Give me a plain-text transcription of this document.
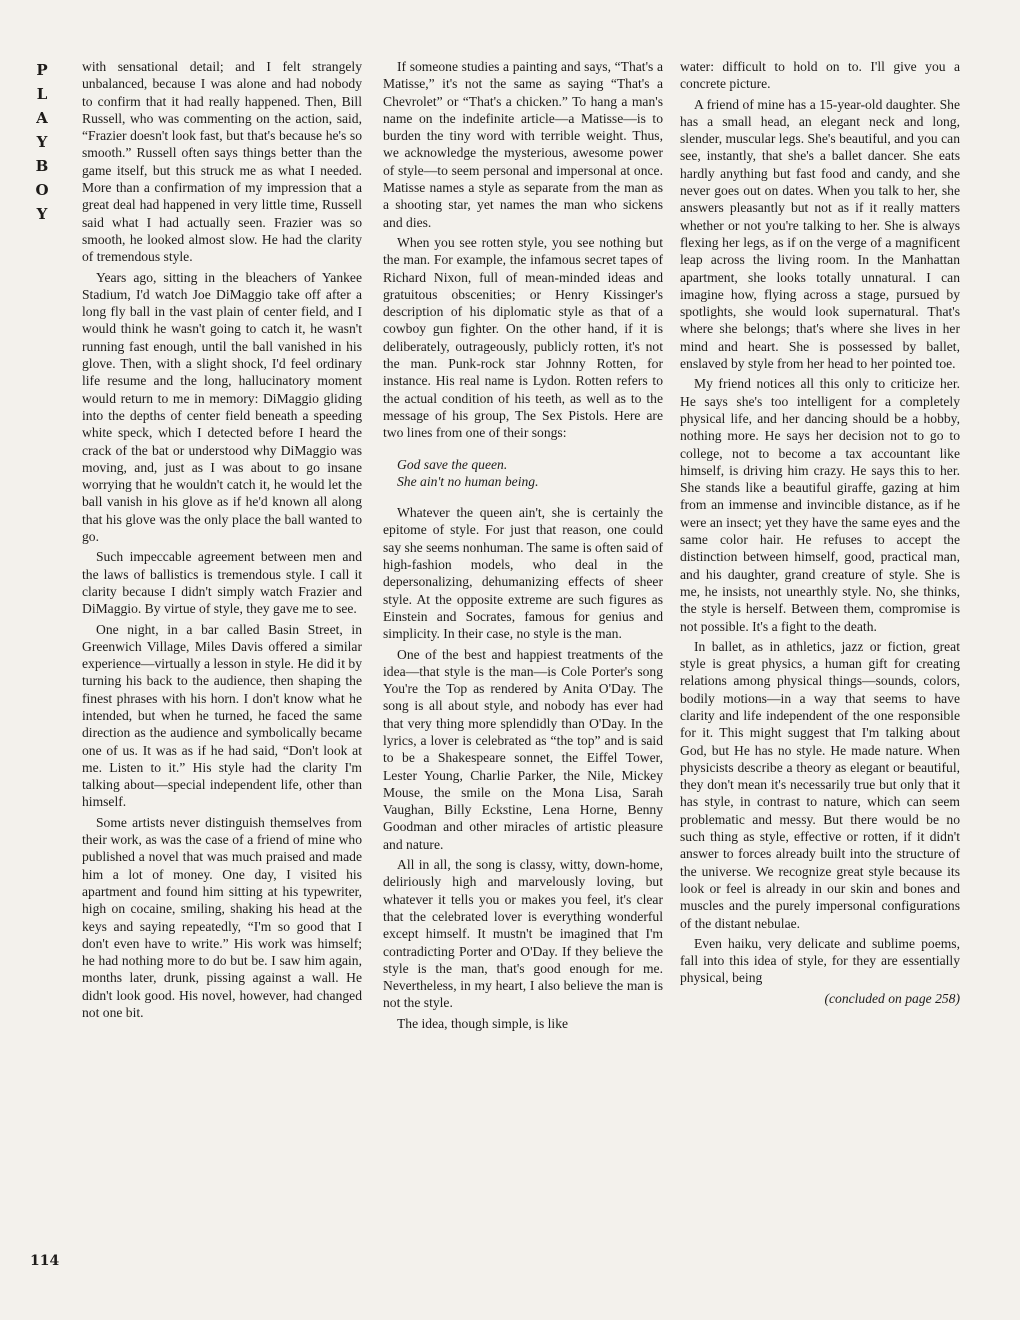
P
L
A
Y
B
O
Y
114

with sensational detail; and I felt strangely unbalanced, because I was alone and had nobody to confirm that it had really happened. Then, Bill Russell, who was commenting on the action, said, “Frazier doesn't look fast, but that's because he's so smooth.” Russell often says things better than the game itself, but this struck me as what I needed. More than a confirmation of my impression that a great deal had happened in very little time, Russell said what I had actually seen. Frazier was so smooth, he looked almost slow. He had the clarity of tremendous style.

Years ago, sitting in the bleachers of Yankee Stadium, I'd watch Joe DiMaggio take off after a long fly ball in the vast plain of center field, and I would think he wasn't going to catch it, he wasn't running fast enough, until the ball vanished in his glove. Then, with a slight shock, I'd feel ordinary life resume and the long, hallucinatory moment would return to me in memory: DiMaggio gliding into the depths of center field beneath a speeding white speck, which I detected before I heard the crack of the bat or understood why DiMaggio was moving, and, just as I was about to go insane worrying that he wouldn't catch it, he would let the ball vanish in his glove as if he'd known all along that his glove was the only place the ball wanted to go.

Such impeccable agreement between men and the laws of ballistics is tremendous style. I call it clarity because I didn't simply watch Frazier and DiMaggio. By virtue of style, they gave me to see.

One night, in a bar called Basin Street, in Greenwich Village, Miles Davis offered a similar experience—virtually a lesson in style. He did it by turning his back to the audience, then shaping the finest phrases with his horn. I don't know what he intended, but when he turned, he faced the same direction as the audience and symbolically became one of us. It was as if he had said, “Don't look at me. Listen to it.” His style had the clarity I'm talking about—special independent life, other than himself.

Some artists never distinguish themselves from their work, as was the case of a friend of mine who published a novel that was much praised and made him a lot of money. One day, I visited his apartment and found him sitting at his typewriter, high on cocaine, smiling, shaking his head at the keys and saying repeatedly, “I'm so good that I don't even have to write.” His work was himself; he had nothing more to do but be. I saw him again, months later, drunk, pissing against a wall. He didn't look good. His novel, however, had changed not one bit.

If someone studies a painting and says, “That's a Matisse,” it's not the same as saying “That's a Chevrolet” or “That's a chicken.” To hang a man's name on the indefinite article—a Matisse—is to burden the tiny word with terrible weight. Thus, we acknowledge the mysterious, awesome power of style—to seem personal and impersonal at once. Matisse names a style as separate from the man as a shooting star, yet names the man who sickens and dies.

When you see rotten style, you see nothing but the man. For example, the infamous secret tapes of Richard Nixon, full of mean-minded ideas and gratuitous obscenities; or Henry Kissinger's description of his diplomatic style as that of a cowboy gun fighter. On the other hand, if it is deliberately, outrageously, publicly rotten, it's not the man. Punk-rock star Johnny Rotten, for instance. His real name is Lydon. Rotten refers to the actual condition of his teeth, as well as to the message of his group, The Sex Pistols. Here are two lines from one of their songs:

God save the queen.
She ain't no human being.

Whatever the queen ain't, she is certainly the epitome of style. For just that reason, one could say she seems nonhuman. The same is often said of high-fashion models, who deal in the depersonalizing, dehumanizing effects of sheer style. At the opposite extreme are such figures as Einstein and Socrates, famous for genius and simplicity. In their case, no style is the man.

One of the best and happiest treatments of the idea—that style is the man—is Cole Porter's song You're the Top as rendered by Anita O'Day. The song is all about style, and nobody has ever had that very thing more splendidly than O'Day. In the lyrics, a lover is celebrated as “the top” and is said to be a Shakespeare sonnet, the Eiffel Tower, Lester Young, Charlie Parker, the Nile, Mickey Mouse, the smile on the Mona Lisa, Sarah Vaughan, Billy Eckstine, Lena Horne, Benny Goodman and other miracles of artistic pleasure and nature.

All in all, the song is classy, witty, down-home, deliriously high and marvelously loving, but whatever it tells you or makes you feel, it's clear that the celebrated lover is everything wonderful except himself. It mustn't be imagined that I'm contradicting Porter and O'Day. If they believe the style is the man, that's good enough for me. Nevertheless, in my heart, I also believe the man is not the style.

The idea, though simple, is like

water: difficult to hold on to. I'll give you a concrete picture.

A friend of mine has a 15-year-old daughter. She has a small head, an elegant neck and long, slender, muscular legs. She's beautiful, and you can see, instantly, that she's a ballet dancer. She eats hardly anything but fast food and candy, and she never goes out on dates. When you talk to her, she answers pleasantly but not as if it really matters whether or not you're talking to her. She is always flexing her legs, as if on the verge of a magnificent leap across the living room. In the Manhattan apartment, she looks totally unnatural. I can imagine how, flying across a stage, pursued by spotlights, she would look supernatural. That's where she belongs; that's where she lives in her mind and heart. She is possessed by ballet, enslaved by style from her head to her pointed toe.

My friend notices all this only to criticize her. He says she's too intelligent for a completely physical life, and her dancing should be a hobby, nothing more. He says her decision not to go to college, not to become a tax accountant like himself, is driving him crazy. He says this to her. She stands like a beautiful giraffe, gazing at him from an immense and invincible distance, as if he were an insect; yet they have the same eyes and the same color hair. He refuses to accept the distinction between himself, good, practical man, and his daughter, grand creature of style. She is me, he insists, not unearthly style. No, she thinks, the style is herself. Between them, compromise is not possible. It's a fight to the death.

In ballet, as in athletics, jazz or fiction, great style is great physics, a human gift for creating relations among physical things—sounds, colors, bodily motions—in a way that seems to have clarity and life independent of the one responsible for it. This might suggest that I'm talking about God, but He has no style. He made nature. When physicists describe a theory as elegant or beautiful, they don't mean it's necessarily true but only that it has style, in contrast to nature, which can seem problematic and messy. But there would be no such thing as style, effective or rotten, if it didn't answer to forces already built into the structure of the universe. We recognize great style because its look or feel is already in our skin and bones and muscles and the purely impersonal configurations of the distant nebulae.

Even haiku, very delicate and sublime poems, fall into this idea of style, for they are essentially physical, being

(concluded on page 258)
